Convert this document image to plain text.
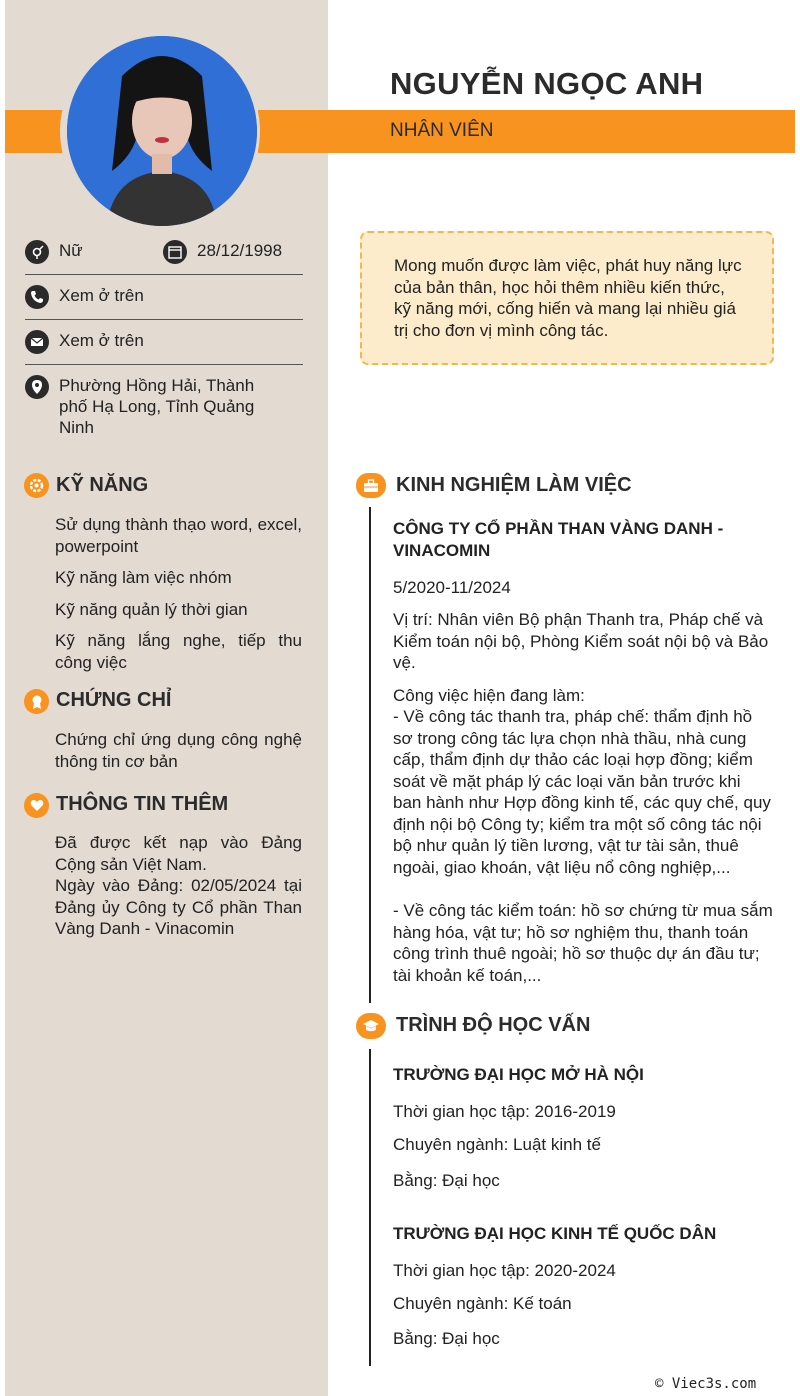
NGUYỄN NGỌC ANH
NHÂN VIÊN
Nữ	28/12/1998
Xem ở trên
Xem ở trên
Phường Hồng Hải, Thành phố Hạ Long, Tỉnh Quảng Ninh
Mong muốn được làm việc, phát huy năng lực của bản thân, học hỏi thêm nhiều kiến thức, kỹ năng mới, cống hiến và mang lại nhiều giá trị cho đơn vị mình công tác.
KỸ NĂNG
Sử dụng thành thạo word, excel, powerpoint
Kỹ năng làm việc nhóm
Kỹ năng quản lý thời gian
Kỹ năng lắng nghe, tiếp thu công việc
CHỨNG CHỈ
Chứng chỉ ứng dụng công nghệ thông tin cơ bản
THÔNG TIN THÊM
Đã được kết nạp vào Đảng Cộng sản Việt Nam.
Ngày vào Đảng: 02/05/2024 tại Đảng ủy Công ty Cổ phần Than Vàng Danh - Vinacomin
KINH NGHIỆM LÀM VIỆC
CÔNG TY CỔ PHẦN THAN VÀNG DANH - VINACOMIN
5/2020-11/2024
Vị trí: Nhân viên Bộ phận Thanh tra, Pháp chế và Kiểm toán nội bộ, Phòng Kiểm soát nội bộ và Bảo vệ.
Công việc hiện đang làm:
- Về công tác thanh tra, pháp chế: thẩm định hồ sơ trong công tác lựa chọn nhà thầu, nhà cung cấp, thẩm định dự thảo các loại hợp đồng; kiểm soát về mặt pháp lý các loại văn bản trước khi ban hành như Hợp đồng kinh tế, các quy chế, quy định nội bộ Công ty; kiểm tra một số công tác nội bộ như quản lý tiền lương, vật tư tài sản, thuê ngoài, giao khoán, vật liệu nổ công nghiệp,...
- Về công tác kiểm toán: hồ sơ chứng từ mua sắm hàng hóa, vật tư; hồ sơ nghiệm thu, thanh toán công trình thuê ngoài; hồ sơ thuộc dự án đầu tư; tài khoản kế toán,...
TRÌNH ĐỘ HỌC VẤN
TRƯỜNG ĐẠI HỌC MỞ HÀ NỘI
Thời gian học tập: 2016-2019
Chuyên ngành: Luật kinh tế
Bằng: Đại học
TRƯỜNG ĐẠI HỌC KINH TẾ QUỐC DÂN
Thời gian học tập: 2020-2024
Chuyên ngành: Kế toán
Bằng: Đại học
© Viec3s.com
